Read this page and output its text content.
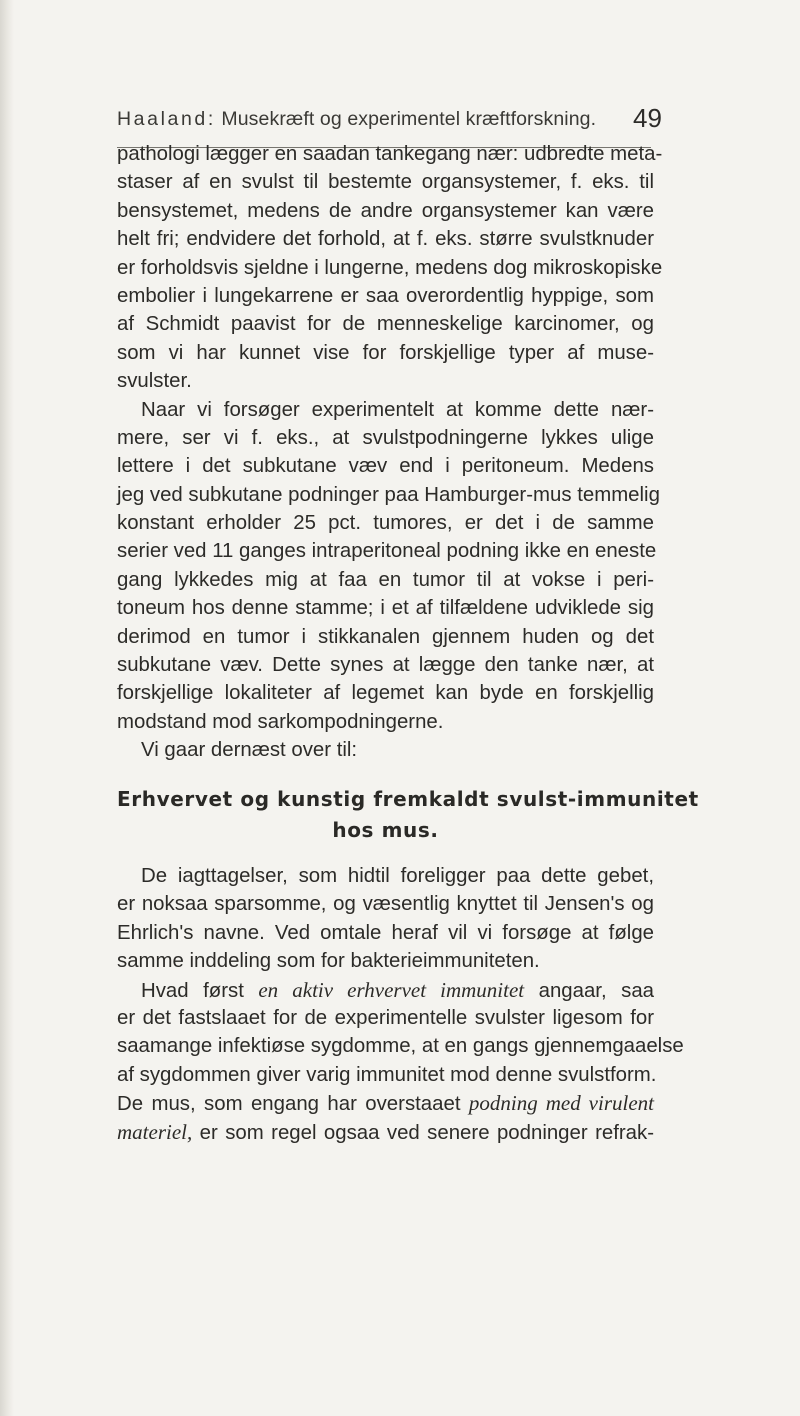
Haaland: Musekræft og experimentel kræftforskning.	49
pathologi lægger en saadan tankegang nær: udbredte meta-
staser af en svulst til bestemte organsystemer, f. eks. til
bensystemet, medens de andre organsystemer kan være
helt fri; endvidere det forhold, at f. eks. større svulstknuder
er forholdsvis sjeldne i lungerne, medens dog mikroskopiske
embolier i lungekarrene er saa overordentlig hyppige, som
af Schmidt paavist for de menneskelige karcinomer, og
som vi har kunnet vise for forskjellige typer af muse-
svulster.
Naar vi forsøger experimentelt at komme dette nær-
mere, ser vi f. eks., at svulstpodningerne lykkes ulige
lettere i det subkutane væv end i peritoneum. Medens
jeg ved subkutane podninger paa Hamburger-mus temmelig
konstant erholder 25 pct. tumores, er det i de samme
serier ved 11 ganges intraperitoneal podning ikke en eneste
gang lykkedes mig at faa en tumor til at vokse i peri-
toneum hos denne stamme; i et af tilfældene udviklede sig
derimod en tumor i stikkanalen gjennem huden og det
subkutane væv. Dette synes at lægge den tanke nær, at
forskjellige lokaliteter af legemet kan byde en forskjellig
modstand mod sarkompodningerne.
Vi gaar dernæst over til:
Erhvervet og kunstig fremkaldt svulst-immunitet
hos mus.
De iagttagelser, som hidtil foreligger paa dette gebet,
er noksaa sparsomme, og væsentlig knyttet til Jensen's og
Ehrlich's navne. Ved omtale heraf vil vi forsøge at følge
samme inddeling som for bakterieimmuniteten.
Hvad først en aktiv erhvervet immunitet angaar, saa
er det fastslaaet for de experimentelle svulster ligesom for
saamange infektiøse sygdomme, at en gangs gjennemgaaelse
af sygdommen giver varig immunitet mod denne svulstform.
De mus, som engang har overstaaet podning med virulent
materiel, er som regel ogsaa ved senere podninger refrak-
